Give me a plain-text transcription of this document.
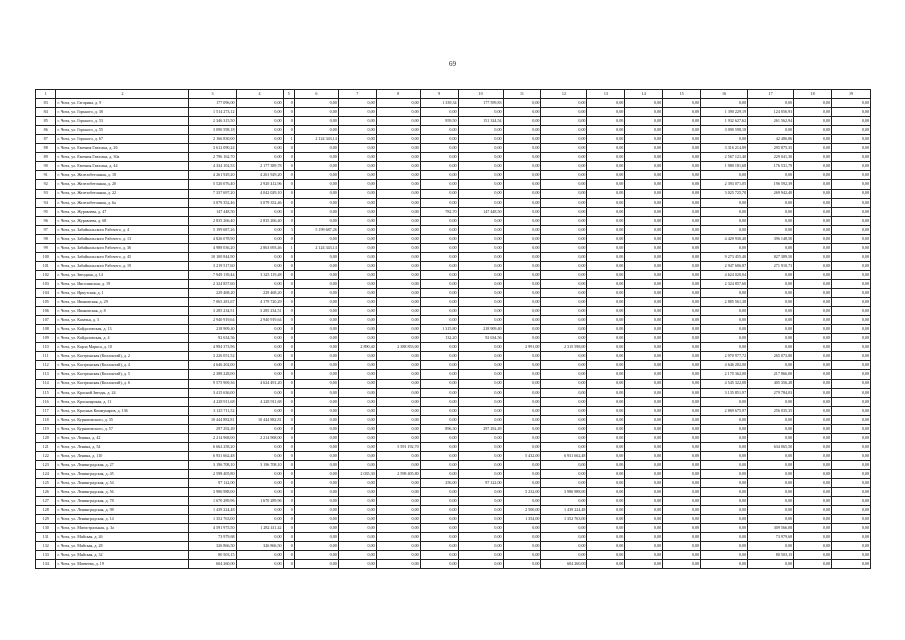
69
1	2	3	4	5	6	7	8	9	10	11	12	13	14	15	16	17	18	19
83	г. Чита, ул. Гагарина, д. 9	177 096,00	0,00	0	0,00	0,00	0,00	1 339,34	177 599,83	0,00	0,00	0,00	0,00	0,00	0,00	0,00	0,00	0,00
84	г. Чита, ул. Горького, д. 30	1 514 273,12	0,00	0	0,00	0,00	0,00	0,00	0,00	0,00	0,00	0,00	0,00	0,00	1 390 229,19	124 056,93	0,00	0,00
85	г. Чита, ул. Горького, д. 53	2 346 315,50	0,00	0	0,00	0,00	0,00	959,50	151 324,54	0,00	0,00	0,00	0,00	0,00	1 932 627,62	261 562,94	0,00	0,00
86	г. Чита, ул. Горького, д. 55	3 090 598,18	0,00	0	0,00	0,00	0,00	0,00	0,00	0,00	0,00	0,00	0,00	0,00	3 090 598,18	0,00	0,00	0,00
87	г. Чита, ул. Горького, д. 67	2 166 830,00	0,00	1	2 124 343,14	0,00	0,00	0,00	0,00	0,00	0,00	0,00	0,00	0,00	0,00	42 486,86	0,00	0,00
88	г. Чита, ул. Евгения Гаюсана, д. 26	3 612 090,24	0,00	0	0,00	0,00	0,00	0,00	0,00	0,00	0,00	0,00	0,00	0,00	3 316 214,89	295 875,35	0,00	0,00
89	г. Чита, ул. Евгения Гаюсана, д. 30а	2 796 162,70	0,00	0	0,00	0,00	0,00	0,00	0,00	0,00	0,00	0,00	0,00	0,00	2 567 121,40	229 041,30	0,00	0,00
90	г. Чита, ул. Евгения Гаюсана, д. 44	4 334 102,53	2 177 389,78	0	0,00	0,00	0,00	0,00	0,00	0,00	0,00	0,00	0,00	0,00	1 980 181,68	176 531,79	0,00	0,00
91	г. Чита, ул. Железобетонная, д. 18	4 261 929,20	4 261 929,20	0	0,00	0,00	0,00	0,00	0,00	0,00	0,00	0,00	0,00	0,00	0,00	0,00	0,00	0,00
92	г. Чита, ул. Железобетонная, д. 20	5 520 076,40	2 920 412,96	0	0,00	0,00	0,00	0,00	0,00	0,00	0,00	0,00	0,00	0,00	2 393 071,05	196 592,39	0,00	0,00
93	г. Чита, ул. Железобетонная, д. 22	7 337 697,20	4 042 029,10	0	0,00	0,00	0,00	0,00	0,00	0,00	0,00	0,00	0,00	0,00	3 025 725,70	269 942,40	0,00	0,00
94	г. Чита, ул. Железобетонная, д. 6а	3 079 352,46	3 079 352,46	0	0,00	0,00	0,00	0,00	0,00	0,00	0,00	0,00	0,00	0,00	0,00	0,00	0,00	0,00
95	г. Чита, ул. Журавлева, д. 47	147 448,50	0,00	0	0,00	0,00	0,00	782,70	147 448,50	0,00	0,00	0,00	0,00	0,00	0,00	0,00	0,00	0,00
96	г. Чита, ул. Журавлева, д. 68	2 835 266,40	2 835 266,40	0	0,00	0,00	0,00	0,00	0,00	0,00	0,00	0,00	0,00	0,00	0,00	0,00	0,00	0,00
97	г. Чита, ул. Забайкальского Рабочего, д. 4	5 199 687,26	0,00	3	5 199 687,26	0,00	0,00	0,00	0,00	0,00	0,00	0,00	0,00	0,00	0,00	0,00	0,00	0,00
98	г. Чита, ул. Забайкальского Рабочего, д. 13	4 826 078,90	0,00	0	0,00	0,00	0,00	0,00	0,00	0,00	0,00	0,00	0,00	0,00	4 429 930,40	396 148,50	0,00	0,00
99	г. Чита, ул. Забайкальского Рабочего, д. 36	4 988 036,20	2 863 693,46	1	2 124 343,14	0,00	0,00	0,00	0,00	0,00	0,00	0,00	0,00	0,00	0,00	0,00	0,00	0,00
100	г. Чита, ул. Забайкальского Рабочего, д. 45	10 100 844,90	0,00	0	0,00	0,00	0,00	0,00	0,00	0,00	0,00	0,00	0,00	0,00	9 273 455,40	827 389,50	0,00	0,00
101	г. Чита, ул. Забайкальского Рабочего, д. 19	3 219 517,60	0,00	0	0,00	0,00	0,00	0,00	0,00	0,00	0,00	0,00	0,00	0,00	2 947 606,87	271 910,73	0,00	0,00
102	г. Чита, ул. Звездная, д. 14	7 949 139,44	3 325 119,48	0	0,00	0,00	0,00	0,00	0,00	0,00	0,00	0,00	0,00	0,00	4 624 020,04	0,00	0,00	0,00
103	г. Чита, ул. Инголинская, д. 19	2 324 857,60	0,00	0	0,00	0,00	0,00	0,00	0,00	0,00	0,00	0,00	0,00	0,00	2 324 857,60	0,00	0,00	0,00
104	г. Чита, ул. Иркутская, д. 1	229 468,20	229 468,20	0	0,00	0,00	0,00	0,00	0,00	0,00	0,00	0,00	0,00	0,00	0,00	0,00	0,00	0,00
105	г. Чита, ул. Ивановская, д. 29	7 065 281,67	4 179 720,29	0	0,00	0,00	0,00	0,00	0,00	0,00	0,00	0,00	0,00	0,00	2 885 561,38	0,00	0,00	0,00
106	г. Чита, ул. Ивановская, д. 8	3 285 234,51	3 285 234,51	0	0,00	0,00	0,00	0,00	0,00	0,00	0,00	0,00	0,00	0,00	0,00	0,00	0,00	0,00
107	г. Чита, ул. Казачья, д. 3	2 940 919,64	2 940 919,64	0	0,00	0,00	0,00	0,00	0,00	0,00	0,00	0,00	0,00	0,00	0,00	0,00	0,00	0,00
108	г. Чита, ул. Кайдаловская, д. 13	218 909,40	0,00	0	0,00	0,00	0,00	1 315,80	218 909,40	0,00	0,00	0,00	0,00	0,00	0,00	0,00	0,00	0,00
109	г. Чита, ул. Кайдаловская, д. 4	92 634,56	0,00	0	0,00	0,00	0,00	132,20	92 634,56	0,00	0,00	0,00	0,00	0,00	0,00	0,00	0,00	0,00
110	г. Чита, ул. Карла Маркса, д. 10	4 994 373,96	0,00	0	0,00	2 890,40	2 388 853,00	0,00	0,00	2 991,00	2 315 598,00	0,00	0,00	0,00	0,00	0,00	0,00	0,00
111	г. Чита, ул. Кастринская (Коллонтай), д. 2	3 226 051,52	0,00	0	0,00	0,00	0,00	0,00	0,00	0,00	0,00	0,00	0,00	0,00	2 970 977,72	265 073,80	0,00	0,00
112	г. Чита, ул. Кастринская (Коллонтай), д. 4	4 646 202,00	0,00	0	0,00	0,00	0,00	0,00	0,00	0,00	0,00	0,00	0,00	0,00	4 646 202,00	0,00	0,00	0,00
113	г. Чита, ул. Кастринская (Коллонтай), д. 5	2 388 228,00	0,00	0	0,00	0,00	0,00	0,00	0,00	0,00	0,00	0,00	0,00	0,00	2 170 362,00	217 866,00	0,00	0,00
114	г. Чита, ул. Кастринская (Коллонтай), д. 6	9 575 969,36	4 624 491,20	0	0,00	0,00	0,00	0,00	0,00	0,00	0,00	0,00	0,00	0,00	4 545 322,08	405 356,28	0,00	0,00
115	г. Чита, ул. Красной Звезды, д. 24	3 415 636,00	0,00	0	0,00	0,00	0,00	0,00	0,00	0,00	0,00	0,00	0,00	0,00	3 135 851,97	279 784,03	0,00	0,00
116	г. Чита, ул. Красноярская, д. 11	4 228 911,68	4 228 911,68	0	0,00	0,00	0,00	0,00	0,00	0,00	0,00	0,00	0,00	0,00	0,00	0,00	0,00	0,00
117	г. Чита, ул. Красных Коммунаров, д. 136	3 125 711,52	0,00	0	0,00	0,00	0,00	0,00	0,00	0,00	0,00	0,00	0,00	0,00	2 869 675,97	256 035,35	0,00	0,00
118	г. Чита, ул. Курнатовского, д. 35	10 444 882,81	10 444 882,81	0	0,00	0,00	0,00	0,00	0,00	0,00	0,00	0,00	0,00	0,00	0,00	0,00	0,00	0,00
119	г. Чита, ул. Курнатовского, д. 57	297 292,49	0,00	0	0,00	0,00	0,00	896,30	297 292,49	0,00	0,00	0,00	0,00	0,00	0,00	0,00	0,00	0,00
120	г. Чита, ул. Ленина, д. 42	2 214 968,00	2 214 968,00	0	0,00	0,00	0,00	0,00	0,00	0,00	0,00	0,00	0,00	0,00	0,00	0,00	0,00	0,00
121	г. Чита, ул. Ленина, д. 54	6 662 258,20	0,00	0	0,00	0,00	5 591 192,70	0,00	0,00	0,00	0,00	0,00	0,00	0,00	0,00	634 065,50	0,00	0,00
122	г. Чита, ул. Ленина, д. 110	6 931 662,48	0,00	0	0,00	0,00	0,00	0,00	0,00	5 432,00	6 931 662,48	0,00	0,00	0,00	0,00	0,00	0,00	0,00
123	г. Чита, ул. Ленинградская, д. 27	3 196 708,10	3 196 708,10	0	0,00	0,00	0,00	0,00	0,00	0,00	0,00	0,00	0,00	0,00	0,00	0,00	0,00	0,00
124	г. Чита, ул. Ленинградская, д. 45	2 598 405,80	0,00	0	0,00	2 035,30	2 598 405,80	0,00	0,00	0,00	0,00	0,00	0,00	0,00	0,00	0,00	0,00	0,00
125	г. Чита, ул. Ленинградская, д. 54	97 122,00	0,00	0	0,00	0,00	0,00	256,00	97 122,00	0,00	0,00	0,00	0,00	0,00	0,00	0,00	0,00	0,00
126	г. Чита, ул. Ленинградская, д. 56	3 986 988,00	0,00	0	0,00	0,00	0,00	0,00	0,00	5 232,00	3 986 988,00	0,00	0,00	0,00	0,00	0,00	0,00	0,00
127	г. Чита, ул. Ленинградская, д. 78	1 670 289,96	1 670 289,96	0	0,00	0,00	0,00	0,00	0,00	0,00	0,00	0,00	0,00	0,00	0,00	0,00	0,00	0,00
128	г. Чита, ул. Ленинградская, д. 98	1 439 224,48	0,00	0	0,00	0,00	0,00	0,00	0,00	2 500,00	1 439 224,48	0,00	0,00	0,00	0,00	0,00	0,00	0,00
129	г. Чита, ул. Ленинградская, д. 14	1 352 763,00	0,00	0	0,00	0,00	0,00	0,00	0,00	1 354,00	1 352 763,00	0,00	0,00	0,00	0,00	0,00	0,00	0,00
130	г. Чита, ул. Магистральная, д. 3а	4 591 975,50	1 282 411,42	0	0,00	0,00	0,00	0,00	0,00	0,00	0,00	0,00	0,00	0,00	0,00	309 566,08	0,00	0,00
131	г. Чита, ул. Майская, д. 26	73 979,68	0,00	0	0,00	0,00	0,00	0,00	0,00	0,00	0,00	0,00	0,00	0,00	0,00	73 979,68	0,00	0,00
132	г. Чита, ул. Майская, д. 28	326 866,50	326 866,50	0	0,00	0,00	0,00	0,00	0,00	0,00	0,00	0,00	0,00	0,00	0,00	0,00	0,00	0,00
133	г. Чита, ул. Майская, д. 32	80 503,15	0,00	0	0,00	0,00	0,00	0,00	0,00	0,00	0,00	0,00	0,00	0,00	0,00	80 503,15	0,00	0,00
134	г. Чита, ул. Матвеева, д. 19	604 260,00	0,00	0	0,00	0,00	0,00	0,00	0,00	0,00	604 260,00	0,00	0,00	0,00	0,00	0,00	0,00	0,00
